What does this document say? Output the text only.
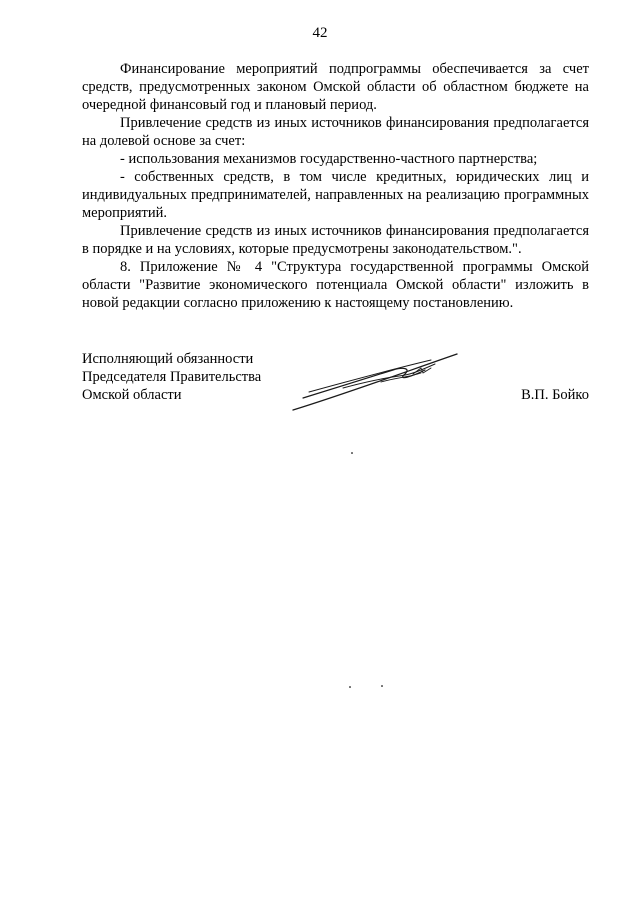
42

Финансирование мероприятий подпрограммы обеспечивается за счет средств, предусмотренных законом Омской области об областном бюджете на очередной финансовый год и плановый период.

Привлечение средств из иных источников финансирования предполагается на долевой основе за счет:

- использования механизмов государственно-частного партнерства;

- собственных средств, в том числе кредитных, юридических лиц и индивидуальных предпринимателей, направленных на реализацию программных мероприятий.

Привлечение средств из иных источников финансирования предполагается в порядке и на условиях, которые предусмотрены законодательством.".

8. Приложение № 4 "Структура государственной программы Омской области "Развитие экономического потенциала Омской области" изложить в новой редакции согласно приложению к настоящему постановлению.

Исполняющий обязанности
Председателя Правительства
Омской области	В.П. Бойко
